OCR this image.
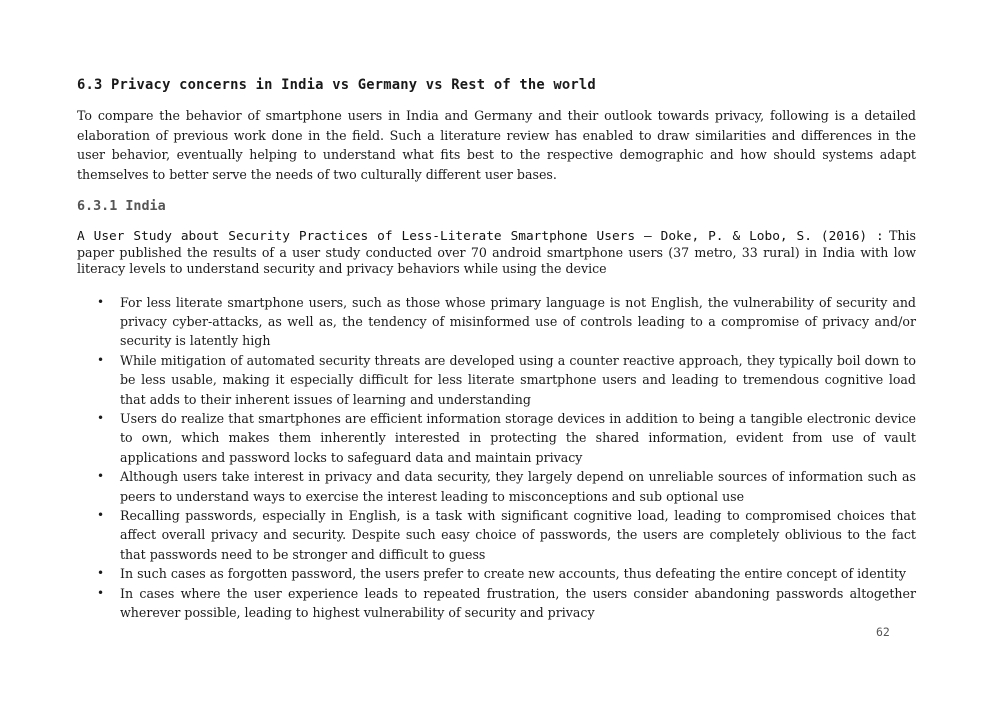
6.3 Privacy concerns in India vs Germany vs Rest of the world

To compare the behavior of smartphone users in India and Germany and their outlook towards privacy, following is a detailed elaboration of previous work done in the field. Such a literature review has enabled to draw similarities and differences in the user behavior, eventually helping to understand what fits best to the respective demographic and how should systems adapt themselves to better serve the needs of two culturally different user bases.

6.3.1 India

A User Study about Security Practices of Less-Literate Smartphone Users – Doke, P. & Lobo, S. (2016) : This paper published the results of a user study conducted over 70 android smartphone users (37 metro, 33 rural) in India with low literacy levels to understand security and privacy behaviors while using the device

• For less literate smartphone users, such as those whose primary language is not English, the vulnerability of security and privacy cyber-attacks, as well as, the tendency of misinformed use of controls leading to a compromise of privacy and/or security is latently high
• While mitigation of automated security threats are developed using a counter reactive approach, they typically boil down to be less usable, making it especially difficult for less literate smartphone users and leading to tremendous cognitive load that adds to their inherent issues of learning and understanding
• Users do realize that smartphones are efficient information storage devices in addition to being a tangible electronic device to own, which makes them inherently interested in protecting the shared information, evident from use of vault applications and password locks to safeguard data and maintain privacy
• Although users take interest in privacy and data security, they largely depend on unreliable sources of information such as peers to understand ways to exercise the interest leading to misconceptions and sub optional use
• Recalling passwords, especially in English, is a task with significant cognitive load, leading to compromised choices that affect overall privacy and security. Despite such easy choice of passwords, the users are completely oblivious to the fact that passwords need to be stronger and difficult to guess
• In such cases as forgotten password, the users prefer to create new accounts, thus defeating the entire concept of identity
• In cases where the user experience leads to repeated frustration, the users consider abandoning passwords altogether wherever possible, leading to highest vulnerability of security and privacy
62
